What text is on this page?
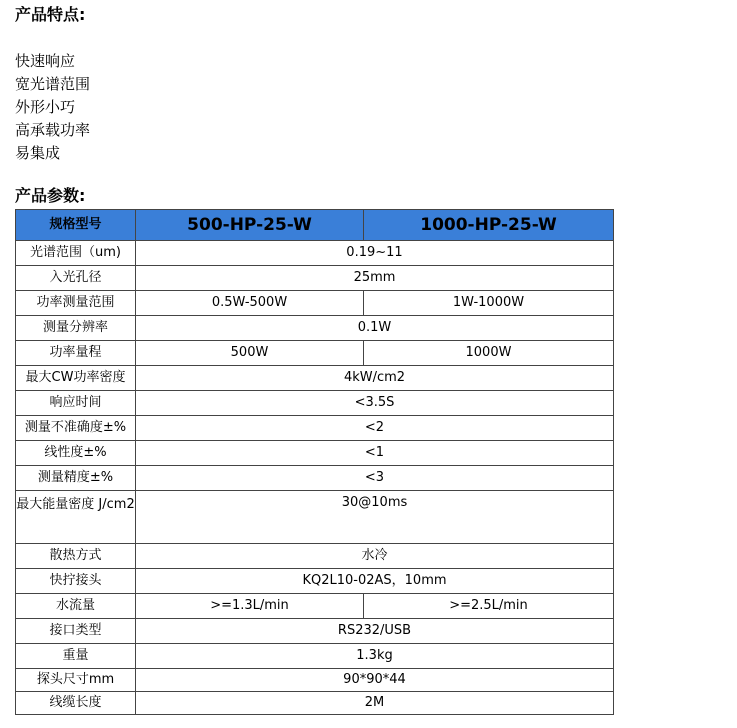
产品特点:
快速响应
宽光谱范围
外形小巧
高承载功率
易集成
产品参数:
规格型号	500-HP-25-W	1000-HP-25-W
光谱范围（um)	0.19~11	
入光孔径	25mm	
功率测量范围	0.5W-500W	1W-1000W
测量分辨率	0.1W	
功率量程	500W	1000W
最大CW功率密度	4kW/cm2	
响应时间	<3.5S	
测量不准确度±%	<2	
线性度±%	<1	
测量精度±%	<3	
最大能量密度 J/cm2	30@10ms	
散热方式	水冷	
快拧接头	KQ2L10-02AS，10mm	
水流量	>=1.3L/min	>=2.5L/min
接口类型	RS232/USB	
重量	1.3kg	
探头尺寸mm	90*90*44	
线缆长度	2M	
